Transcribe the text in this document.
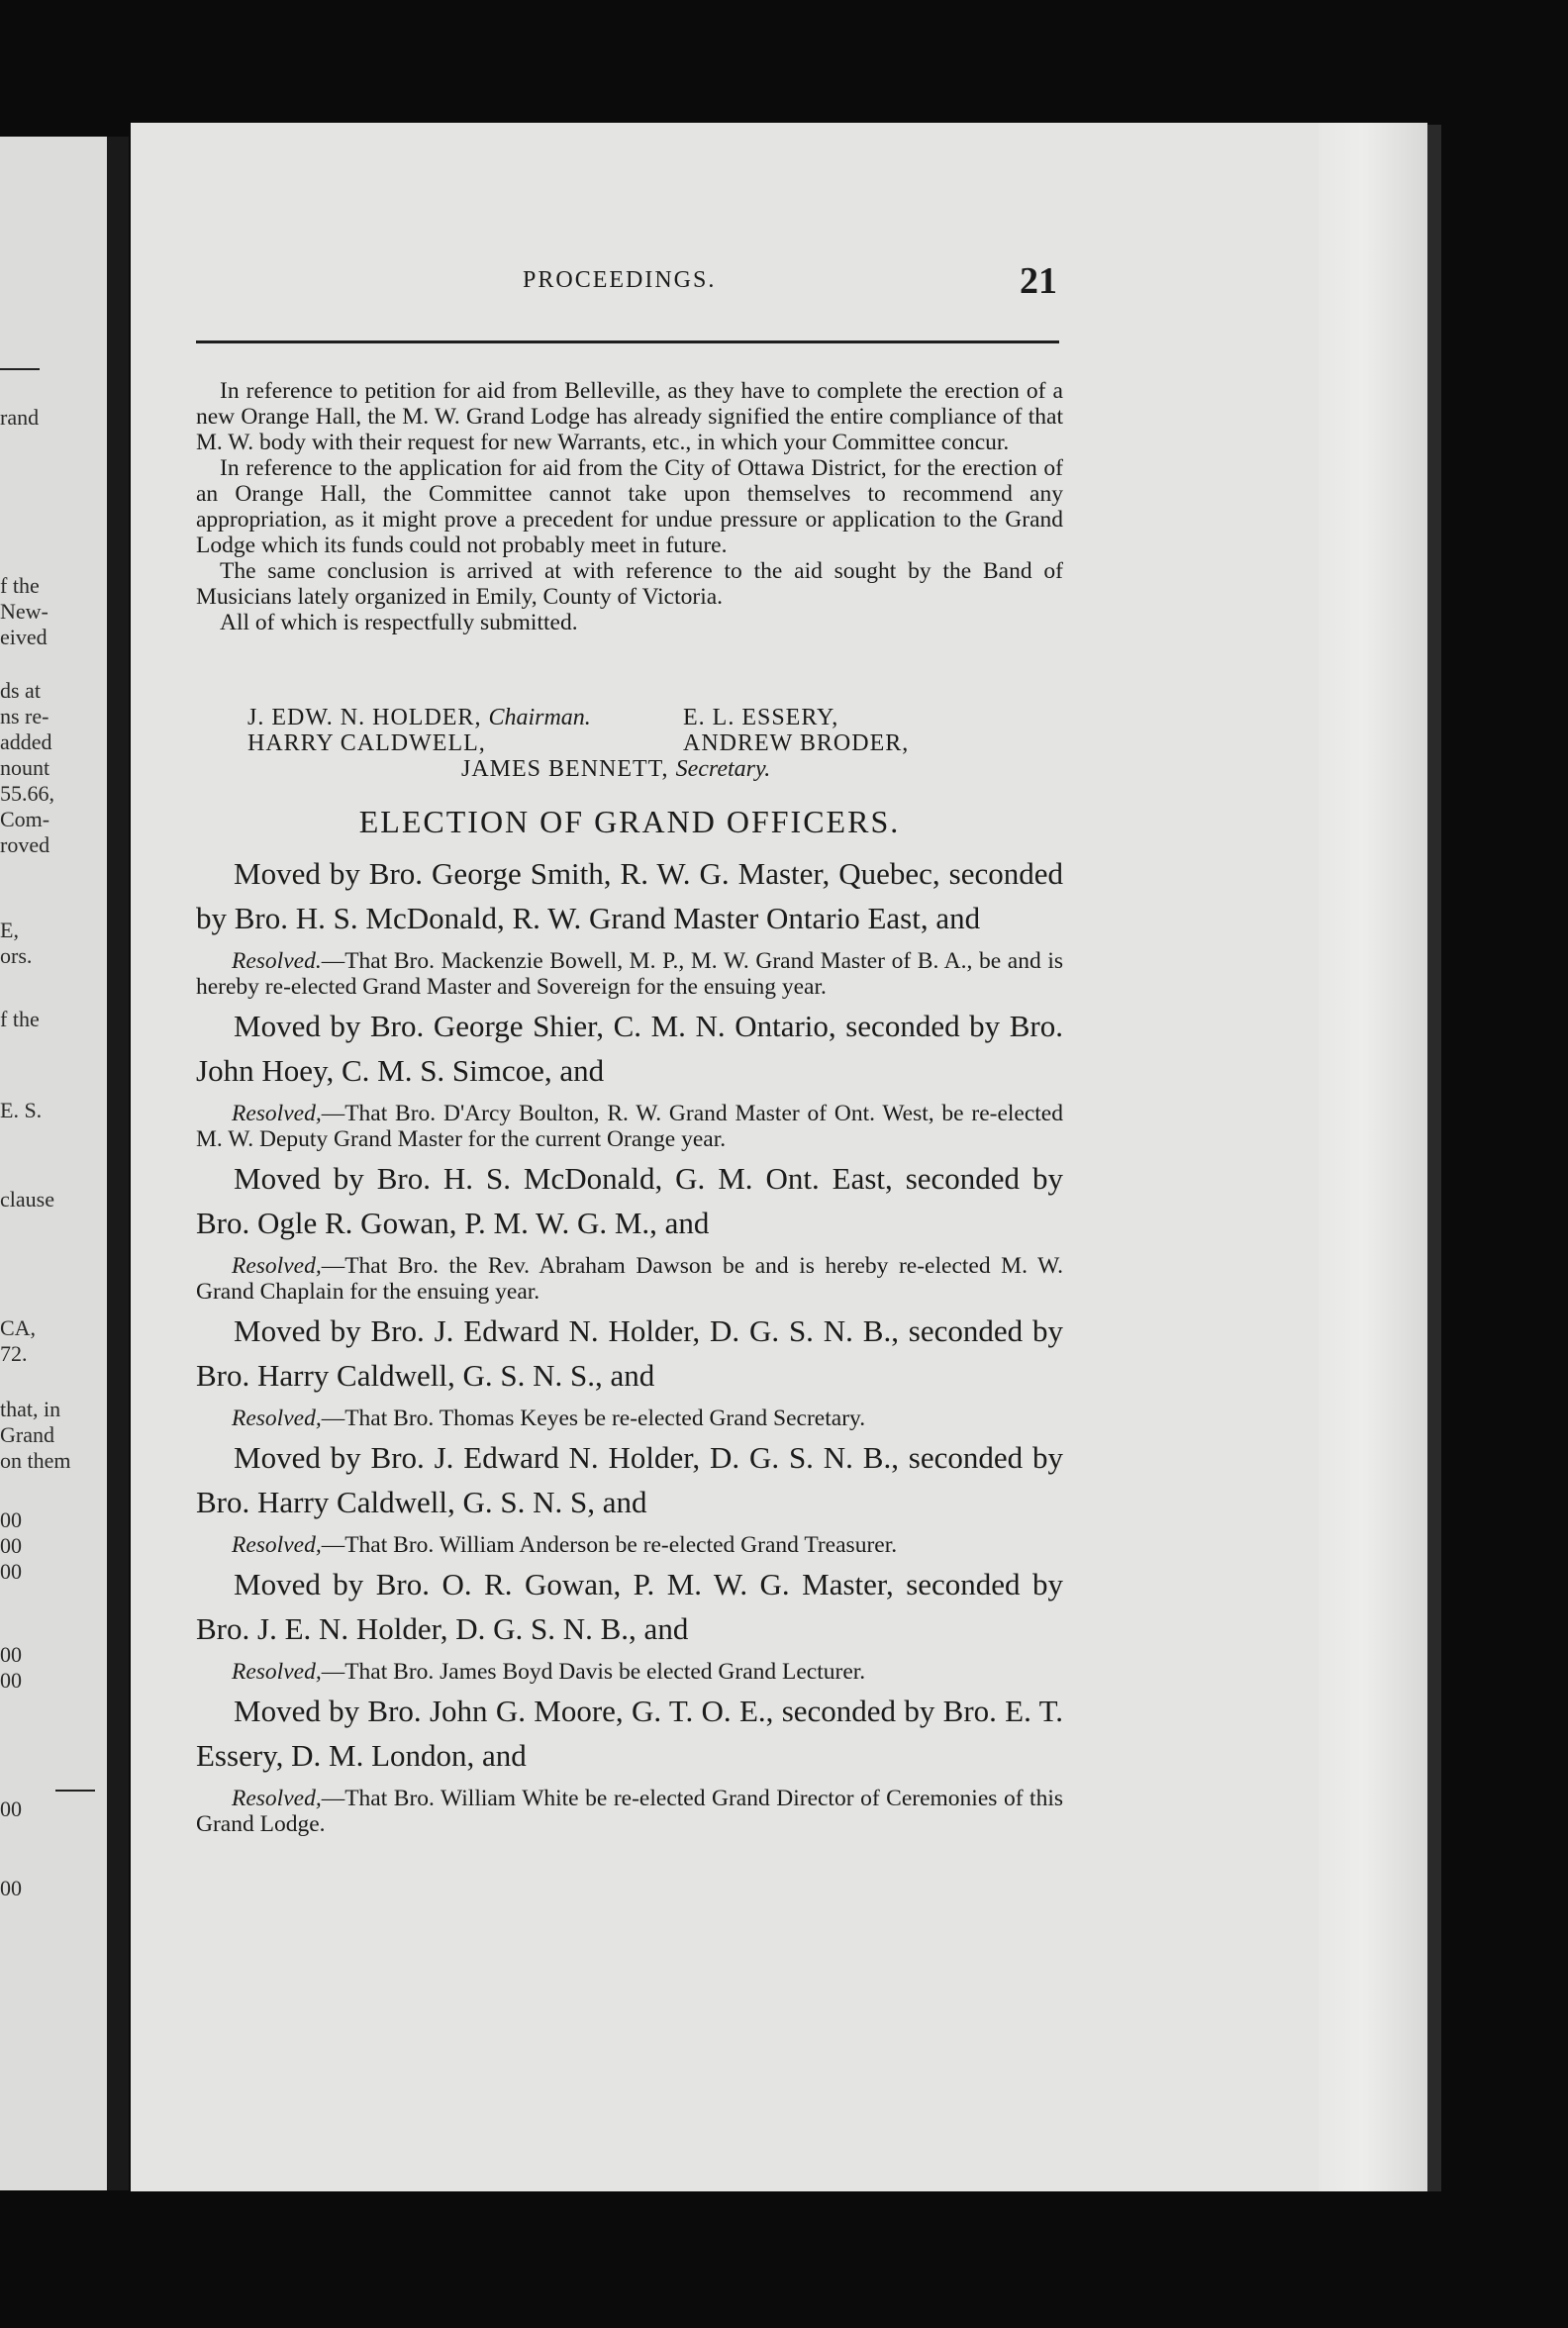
rand
f the
New-
eived
ds at
ns re-
added
nount
55.66,
Com-
roved
E,
ors.
f the
E. S.
clause
CA,
72.
that, in
Grand
on them
00
00
00
00
00
00
00
PROCEEDINGS.	21

In reference to petition for aid from Belleville, as they have to complete the erection of a new Orange Hall, the M. W. Grand Lodge has already signified the entire compliance of that M. W. body with their request for new Warrants, etc., in which your Committee concur.

In reference to the application for aid from the City of Ottawa District, for the erection of an Orange Hall, the Committee cannot take upon themselves to recommend any appropriation, as it might prove a precedent for undue pressure or application to the Grand Lodge which its funds could not probably meet in future.

The same conclusion is arrived at with reference to the aid sought by the Band of Musicians lately organized in Emily, County of Victoria.

All of which is respectfully submitted.

J. EDW. N. HOLDER, Chairman.	E. L. ESSERY,
HARRY CALDWELL,	ANDREW BRODER,
JAMES BENNETT, Secretary.
ELECTION OF GRAND OFFICERS.

Moved by Bro. George Smith, R. W. G. Master, Quebec, seconded by Bro. H. S. McDonald, R. W. Grand Master Ontario East, and

Resolved.—That Bro. Mackenzie Bowell, M. P., M. W. Grand Master of B. A., be and is hereby re-elected Grand Master and Sovereign for the ensuing year.

Moved by Bro. George Shier, C. M. N. Ontario, seconded by Bro. John Hoey, C. M. S. Simcoe, and

Resolved,—That Bro. D'Arcy Boulton, R. W. Grand Master of Ont. West, be re-elected M. W. Deputy Grand Master for the current Orange year.

Moved by Bro. H. S. McDonald, G. M. Ont. East, seconded by Bro. Ogle R. Gowan, P. M. W. G. M., and

Resolved,—That Bro. the Rev. Abraham Dawson be and is hereby re-elected M. W. Grand Chaplain for the ensuing year.

Moved by Bro. J. Edward N. Holder, D. G. S. N. B., seconded by Bro. Harry Caldwell, G. S. N. S., and

Resolved,—That Bro. Thomas Keyes be re-elected Grand Secretary.

Moved by Bro. J. Edward N. Holder, D. G. S. N. B., seconded by Bro. Harry Caldwell, G. S. N. S, and

Resolved,—That Bro. William Anderson be re-elected Grand Treasurer.

Moved by Bro. O. R. Gowan, P. M. W. G. Master, seconded by Bro. J. E. N. Holder, D. G. S. N. B., and

Resolved,—That Bro. James Boyd Davis be elected Grand Lecturer.

Moved by Bro. John G. Moore, G. T. O. E., seconded by Bro. E. T. Essery, D. M. London, and

Resolved,—That Bro. William White be re-elected Grand Director of Ceremonies of this Grand Lodge.
